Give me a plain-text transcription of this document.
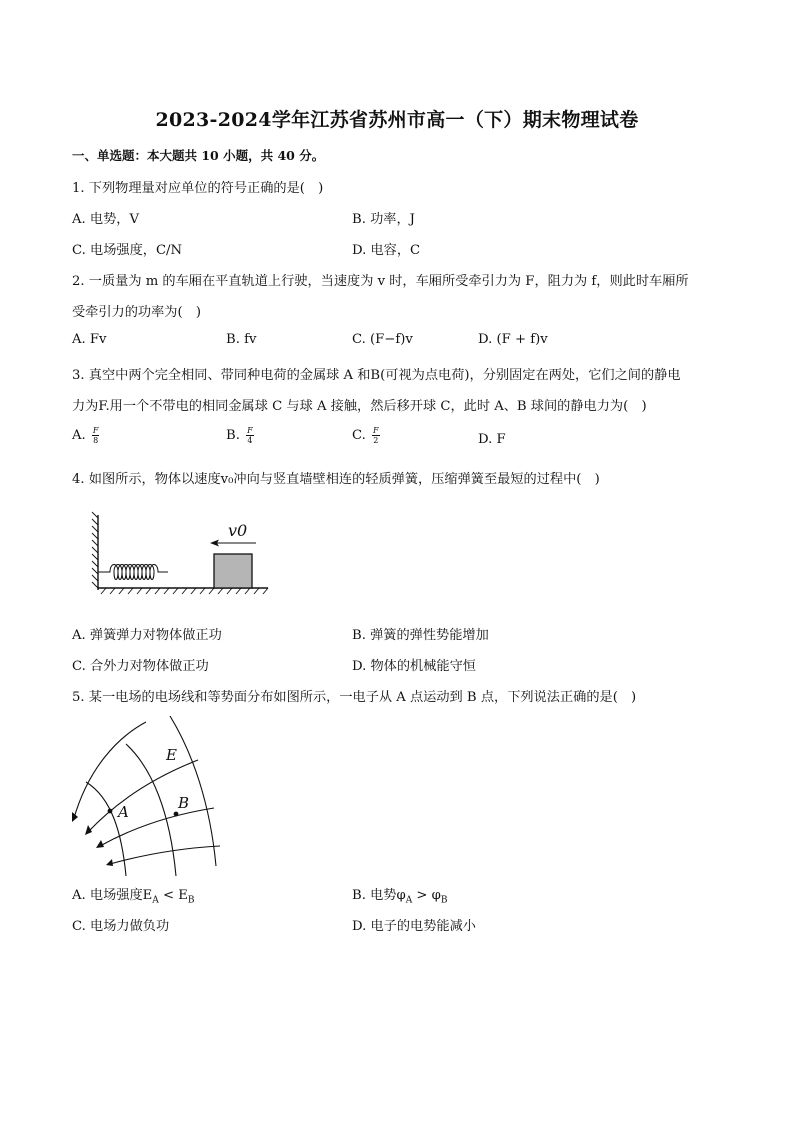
2023-2024学年江苏省苏州市高一（下）期末物理试卷
一、单选题：本大题共 10 小题，共 40 分。
1. 下列物理量对应单位的符号正确的是(　)
A. 电势，V	B. 功率，J
C. 电场强度，C/N	D. 电容，C
2. 一质量为 m 的车厢在平直轨道上行驶，当速度为 v 时，车厢所受牵引力为 F，阻力为 f，则此时车厢所
受牵引力的功率为(　)
A. Fv	B. fv	C. (F−f)v	D. (F + f)v
3. 真空中两个完全相同、带同种电荷的金属球 A 和B(可视为点电荷)，分别固定在两处，它们之间的静电
力为F.用一个不带电的相同金属球 C 与球 A 接触，然后移开球 C，此时 A、B 球间的静电力为(　)
A. $\frac{F}{8}$	B. $\frac{F}{4}$	C. $\frac{F}{2}$	D. F
4. 如图所示，物体以速度v₀冲向与竖直墙壁相连的轻质弹簧，压缩弹簧至最短的过程中(　)
v0
A. 弹簧弹力对物体做正功	B. 弹簧的弹性势能增加
C. 合外力对物体做正功	D. 物体的机械能守恒
5. 某一电场的电场线和等势面分布如图所示，一电子从 A 点运动到 B 点，下列说法正确的是(　)
A	B
E
A. 电场强度$E_A < E_B$	B. 电势$\varphi_A > \varphi_B$
C. 电场力做负功	D. 电子的电势能减小
